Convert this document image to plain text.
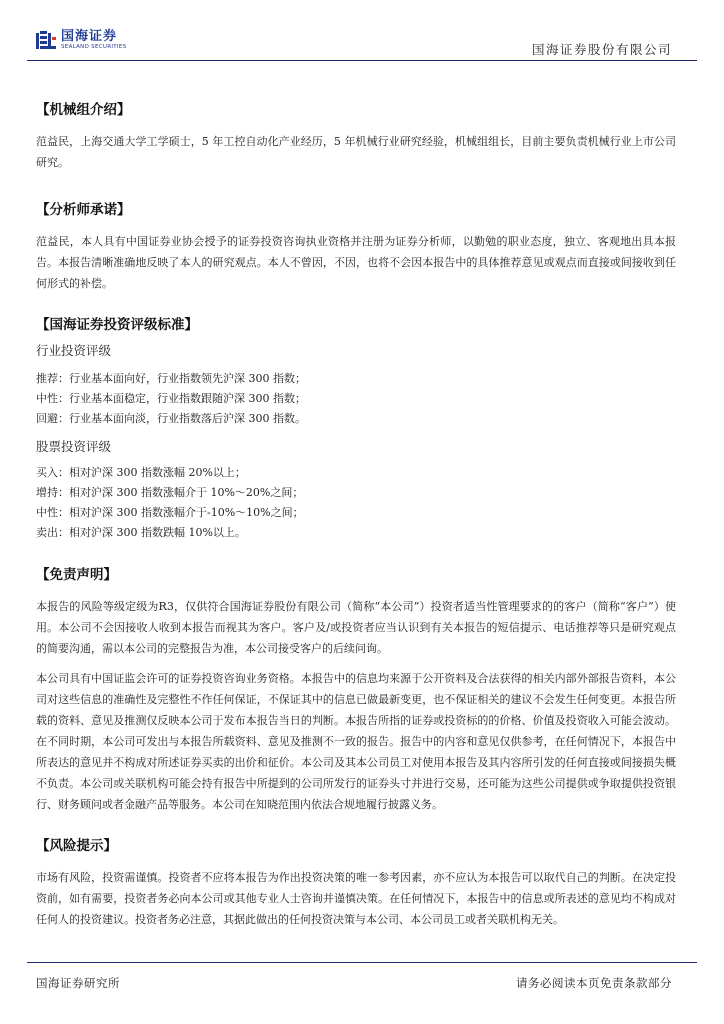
国海证券
SEALAND SECURITIES	国海证券股份有限公司
【机械组介绍】

范益民，上海交通大学工学硕士，5 年工控自动化产业经历，5 年机械行业研究经验，机械组组长，目前主要负责机械行业上市公司研究。

【分析师承诺】

范益民，本人具有中国证券业协会授予的证券投资咨询执业资格并注册为证券分析师，以勤勉的职业态度，独立、客观地出具本报告。本报告清晰准确地反映了本人的研究观点。本人不曾因，不因，也将不会因本报告中的具体推荐意见或观点而直接或间接收到任何形式的补偿。

【国海证券投资评级标准】
行业投资评级
推荐：行业基本面向好，行业指数领先沪深 300 指数；
中性：行业基本面稳定，行业指数跟随沪深 300 指数；
回避：行业基本面向淡，行业指数落后沪深 300 指数。
股票投资评级
买入：相对沪深 300 指数涨幅 20%以上；
增持：相对沪深 300 指数涨幅介于 10%～20%之间；
中性：相对沪深 300 指数涨幅介于-10%～10%之间；
卖出：相对沪深 300 指数跌幅 10%以上。
【免责声明】

本报告的风险等级定级为R3，仅供符合国海证券股份有限公司（简称“本公司”）投资者适当性管理要求的的客户（简称“客户”）使用。本公司不会因接收人收到本报告而视其为客户。客户及/或投资者应当认识到有关本报告的短信提示、电话推荐等只是研究观点的简要沟通，需以本公司的完整报告为准，本公司接受客户的后续问询。

本公司具有中国证监会许可的证券投资咨询业务资格。本报告中的信息均来源于公开资料及合法获得的相关内部外部报告资料，本公司对这些信息的准确性及完整性不作任何保证，不保证其中的信息已做最新变更，也不保证相关的建议不会发生任何变更。本报告所载的资料、意见及推测仅反映本公司于发布本报告当日的判断。本报告所指的证券或投资标的的价格、价值及投资收入可能会波动。在不同时期，本公司可发出与本报告所载资料、意见及推测不一致的报告。报告中的内容和意见仅供参考，在任何情况下，本报告中所表达的意见并不构成对所述证券买卖的出价和征价。本公司及其本公司员工对使用本报告及其内容所引发的任何直接或间接损失概不负责。本公司或关联机构可能会持有报告中所提到的公司所发行的证券头寸并进行交易，还可能为这些公司提供或争取提供投资银行、财务顾问或者金融产品等服务。本公司在知晓范围内依法合规地履行披露义务。

【风险提示】

市场有风险，投资需谨慎。投资者不应将本报告为作出投资决策的唯一参考因素，亦不应认为本报告可以取代自己的判断。在决定投资前，如有需要，投资者务必向本公司或其他专业人士咨询并谨慎决策。在任何情况下，本报告中的信息或所表述的意见均不构成对任何人的投资建议。投资者务必注意，其据此做出的任何投资决策与本公司、本公司员工或者关联机构无关。

国海证券研究所	请务必阅读本页免责条款部分
